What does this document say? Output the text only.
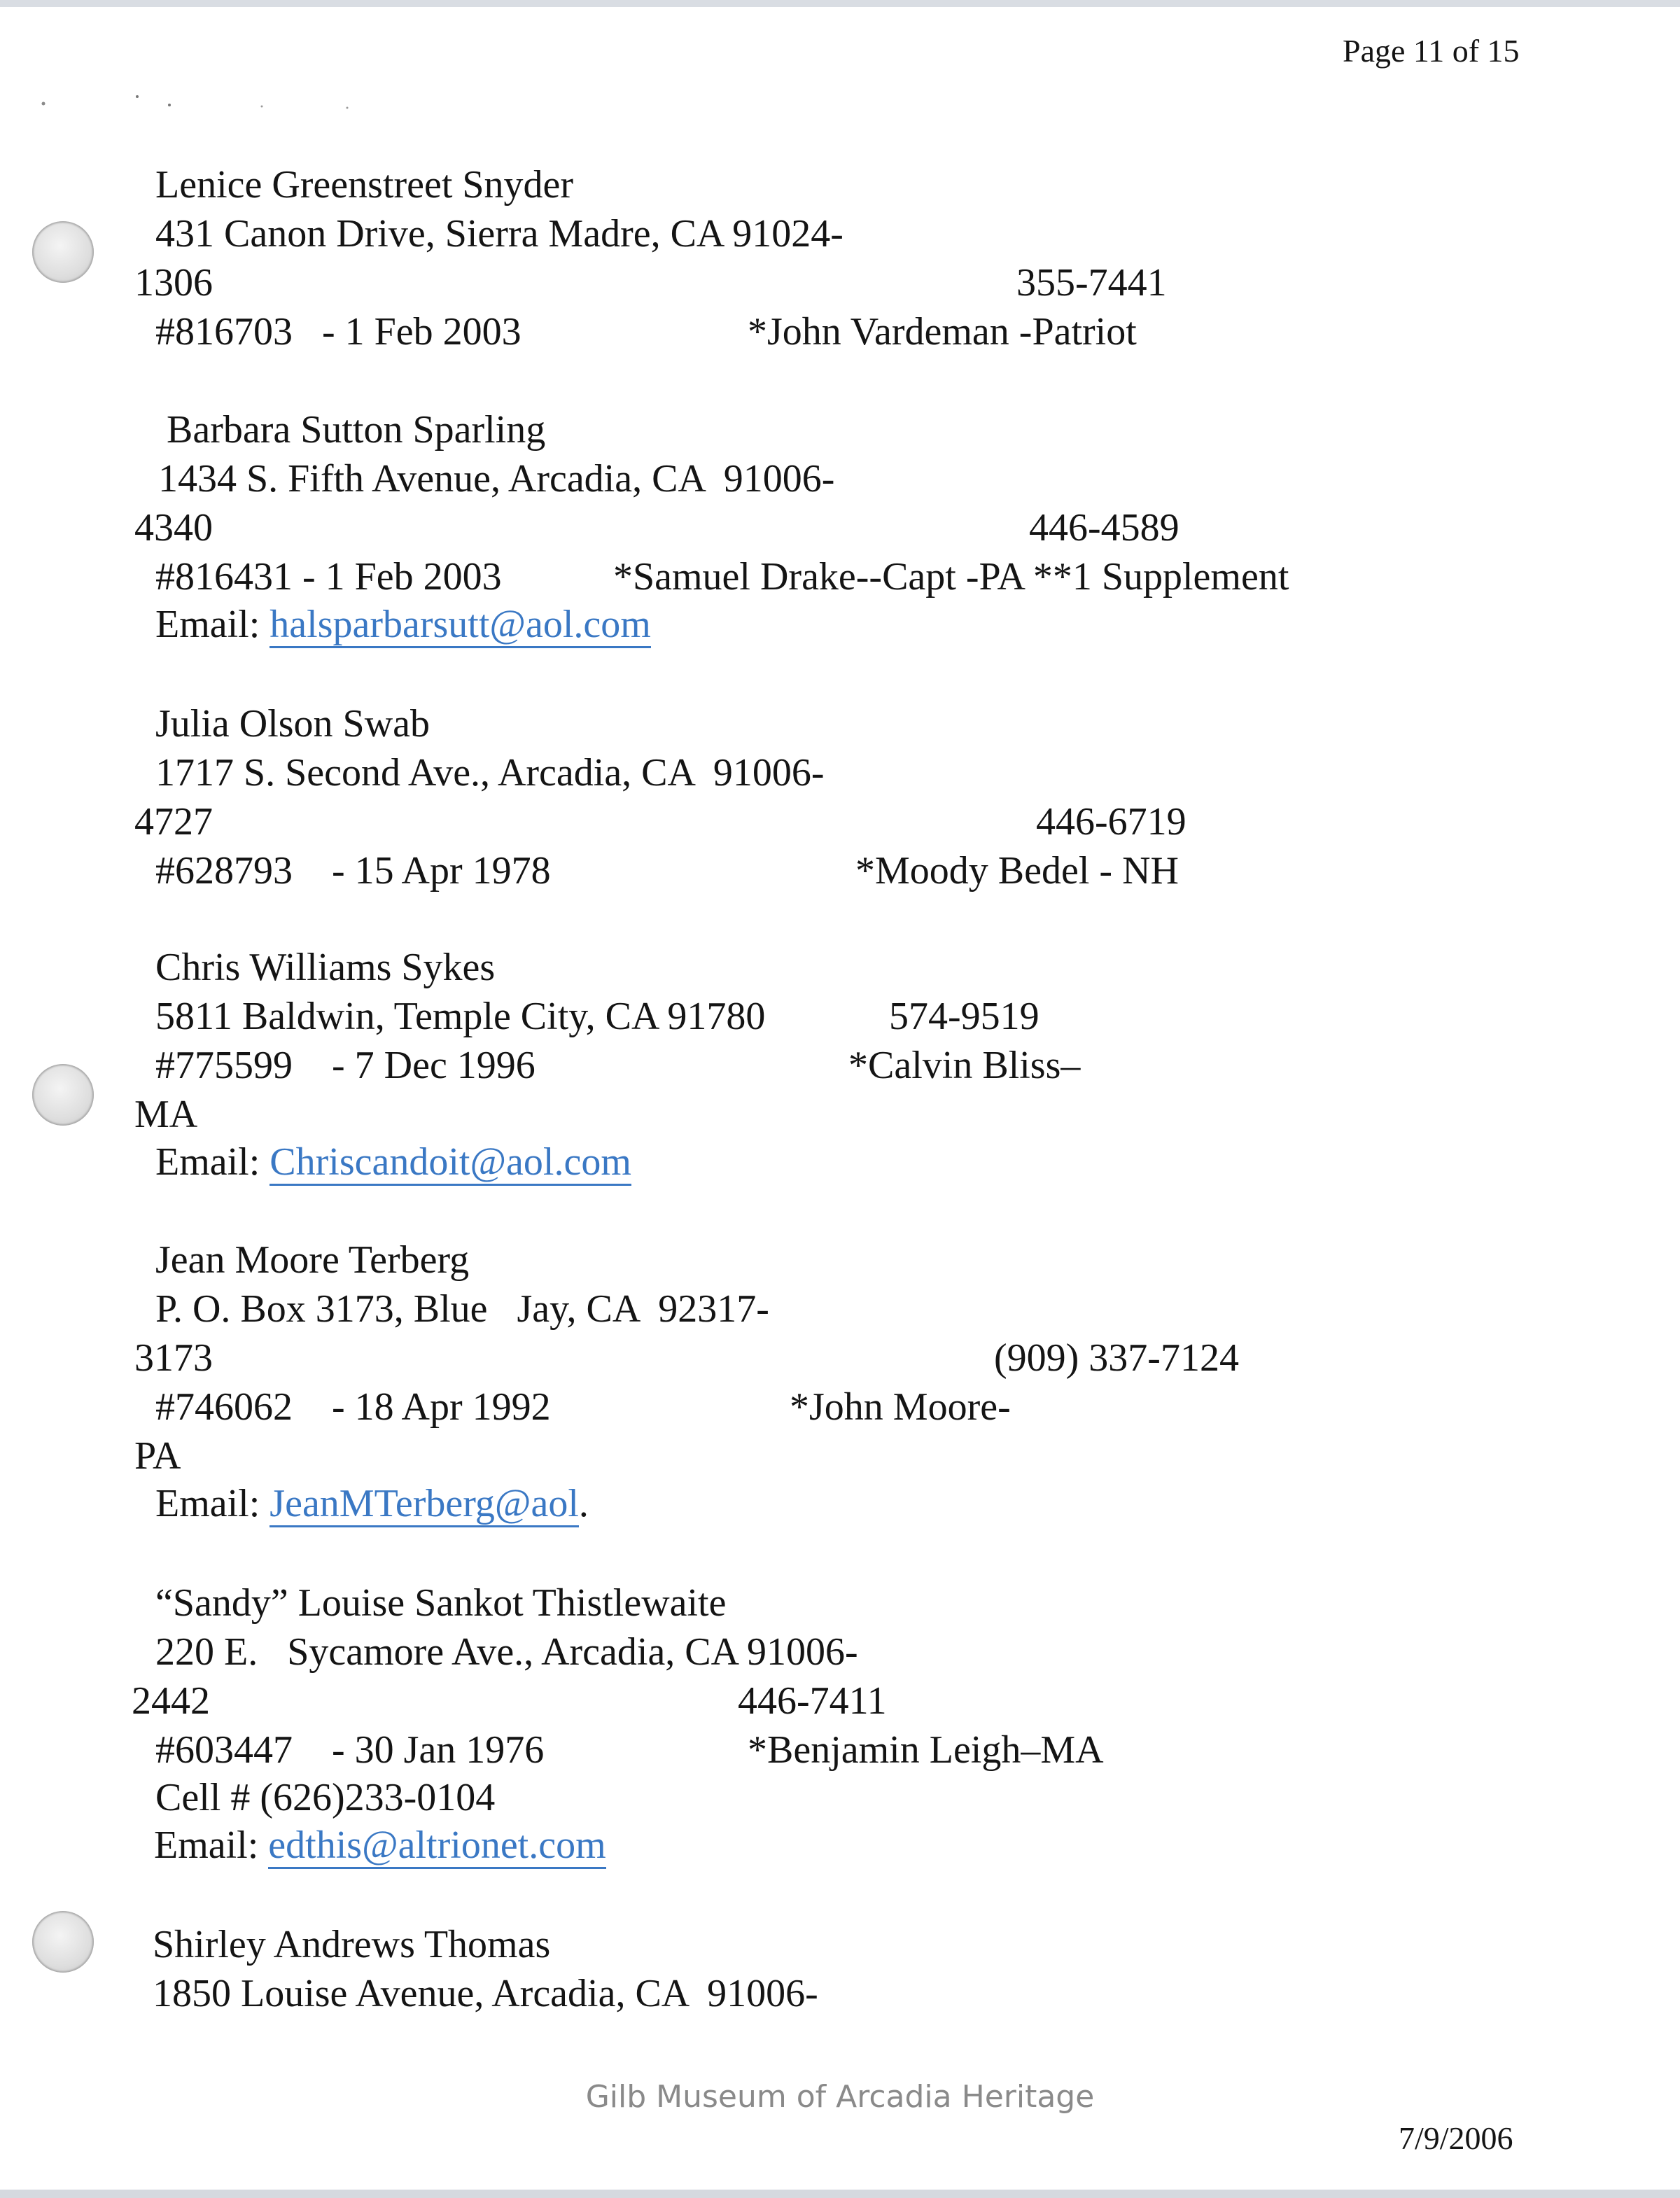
Page 11 of 15
Lenice Greenstreet Snyder
431 Canon Drive, Sierra Madre, CA 91024-
1306	355-7441
#816703   - 1 Feb 2003	*John Vardeman -Patriot
Barbara Sutton Sparling
1434 S. Fifth Avenue, Arcadia, CA  91006-
4340	446-4589
#816431 - 1 Feb 2003	*Samuel Drake--Capt -PA **1 Supplement
Email: halsparbarsutt@aol.com
Julia Olson Swab
1717 S. Second Ave., Arcadia, CA  91006-
4727	446-6719
#628793    - 15 Apr 1978	*Moody Bedel - NH
Chris Williams Sykes
5811 Baldwin, Temple City, CA 91780	574-9519
#775599    - 7 Dec 1996	*Calvin Bliss–
MA
Email: Chriscandoit@aol.com
Jean Moore Terberg
P. O. Box 3173, Blue   Jay, CA  92317-
3173	(909) 337-7124
#746062    - 18 Apr 1992	*John Moore-
PA
Email: JeanMTerberg@aol.
“Sandy” Louise Sankot Thistlewaite
220 E.   Sycamore Ave., Arcadia, CA 91006-
2442	446-7411
#603447    - 30 Jan 1976	*Benjamin Leigh–MA
Cell # (626)233-0104
Email: edthis@altrionet.com
Shirley Andrews Thomas
1850 Louise Avenue, Arcadia, CA  91006-
Gilb Museum of Arcadia Heritage
7/9/2006
